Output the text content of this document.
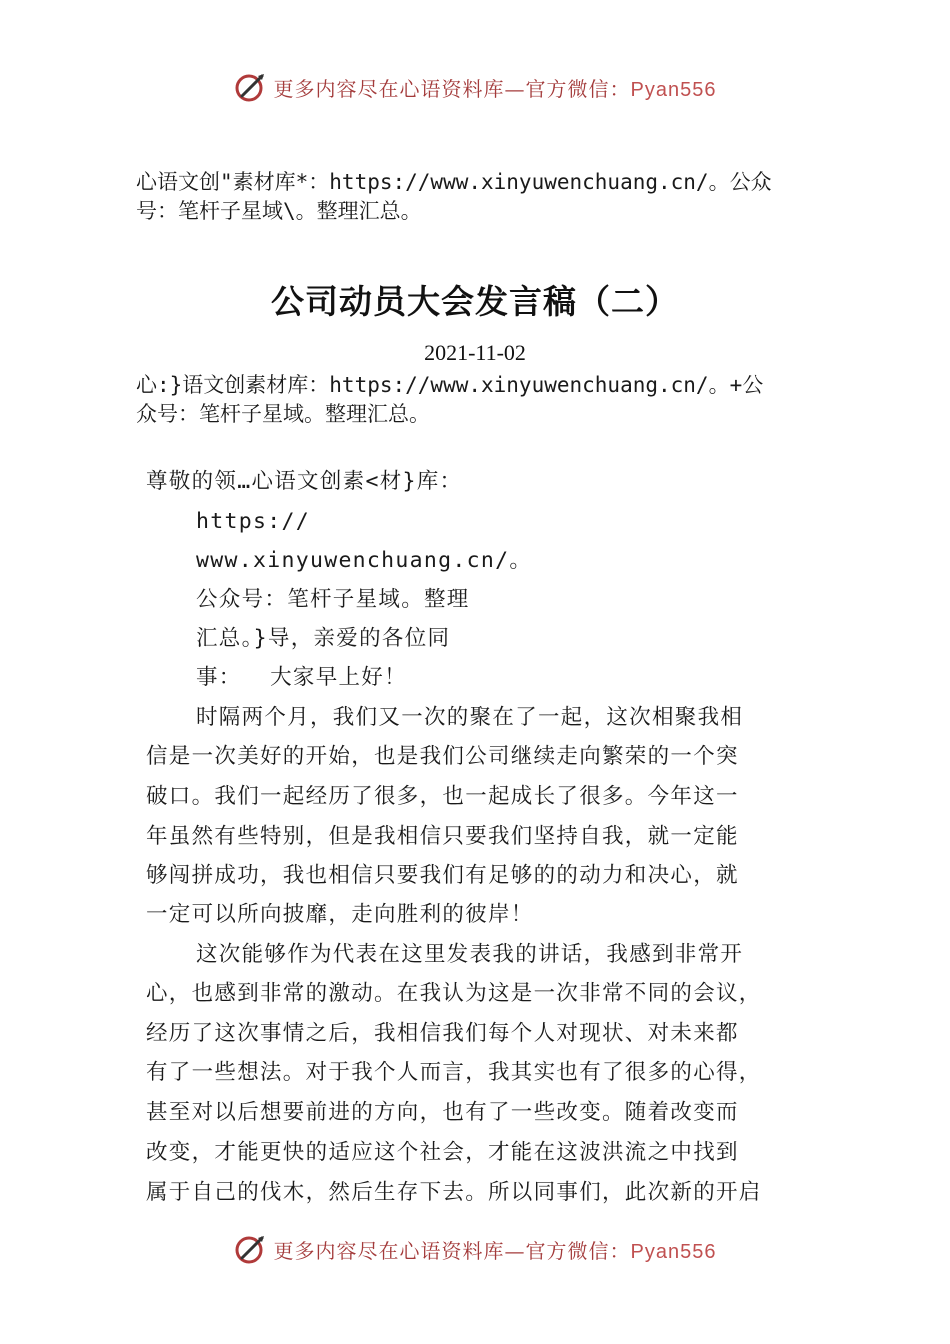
更多内容尽在心语资料库—官方微信：Pyan556
心语文创"素材库*：https://www.xinyuwenchuang.cn/。公众
号：笔杆子星域\。整理汇总。
公司动员大会发言稿（二）
2021-11-02
心:}语文创素材库：https://www.xinyuwenchuang.cn/。+公
众号：笔杆子星域。整理汇总。
尊敬的领…心语文创素<材}库：
https://
www.xinyuwenchuang.cn/。
公众号：笔杆子星域。整理
汇总。}导，亲爱的各位同
事：  大家早上好！
时隔两个月，我们又一次的聚在了一起，这次相聚我相
信是一次美好的开始，也是我们公司继续走向繁荣的一个突
破口。我们一起经历了很多，也一起成长了很多。今年这一
年虽然有些特别，但是我相信只要我们坚持自我，就一定能
够闯拼成功，我也相信只要我们有足够的的动力和决心，就
一定可以所向披靡，走向胜利的彼岸！
这次能够作为代表在这里发表我的讲话，我感到非常开
心，也感到非常的激动。在我认为这是一次非常不同的会议，
经历了这次事情之后，我相信我们每个人对现状、对未来都
有了一些想法。对于我个人而言，我其实也有了很多的心得，
甚至对以后想要前进的方向，也有了一些改变。随着改变而
改变，才能更快的适应这个社会，才能在这波洪流之中找到
属于自己的伐木，然后生存下去。所以同事们，此次新的开启
更多内容尽在心语资料库—官方微信：Pyan556
